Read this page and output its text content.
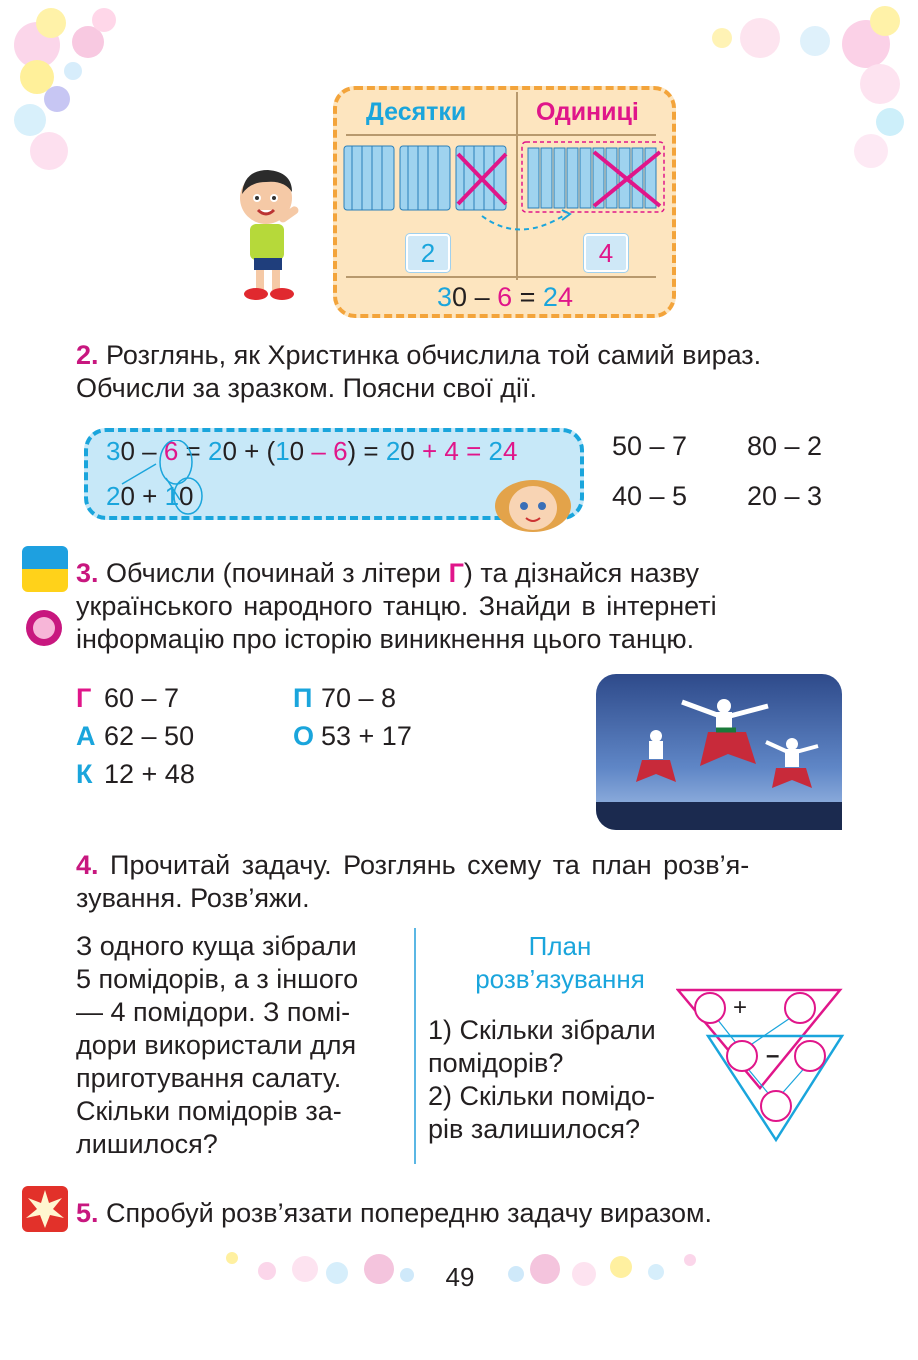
Десятки	Одиниці
2	4
30 – 6 = 24
2. Розглянь, як Христинка обчислила той самий вираз.
Обчисли за зразком. Поясни свої дії.
30 – 6 = 20 + (10 – 6) = 20 + 4 = 24
20 + 10
50 – 7 80 – 2
40 – 5 20 – 3
3. Обчисли (починай з літери Г) та дізнайся назву
українського народного танцю. Знайди в інтернеті
інформацію про історію виникнення цього танцю.
Г 60 – 7
А 62 – 50
К 12 + 48
П 70 – 8
О 53 + 17
4. Прочитай задачу. Розглянь схему та план розв’я-
зування. Розв’яжи.
З одного куща зібрали
5 помідорів, а з іншого
— 4 помідори. З помі-
дори використали для
приготування салату.
Скільки помідорів за-
лишилося?
План
розв’язування
1) Скільки зібрали
помідорів?
2) Скільки помідо-
рів залишилося?
+
–
5. Спробуй розв’язати попередню задачу виразом.
49
